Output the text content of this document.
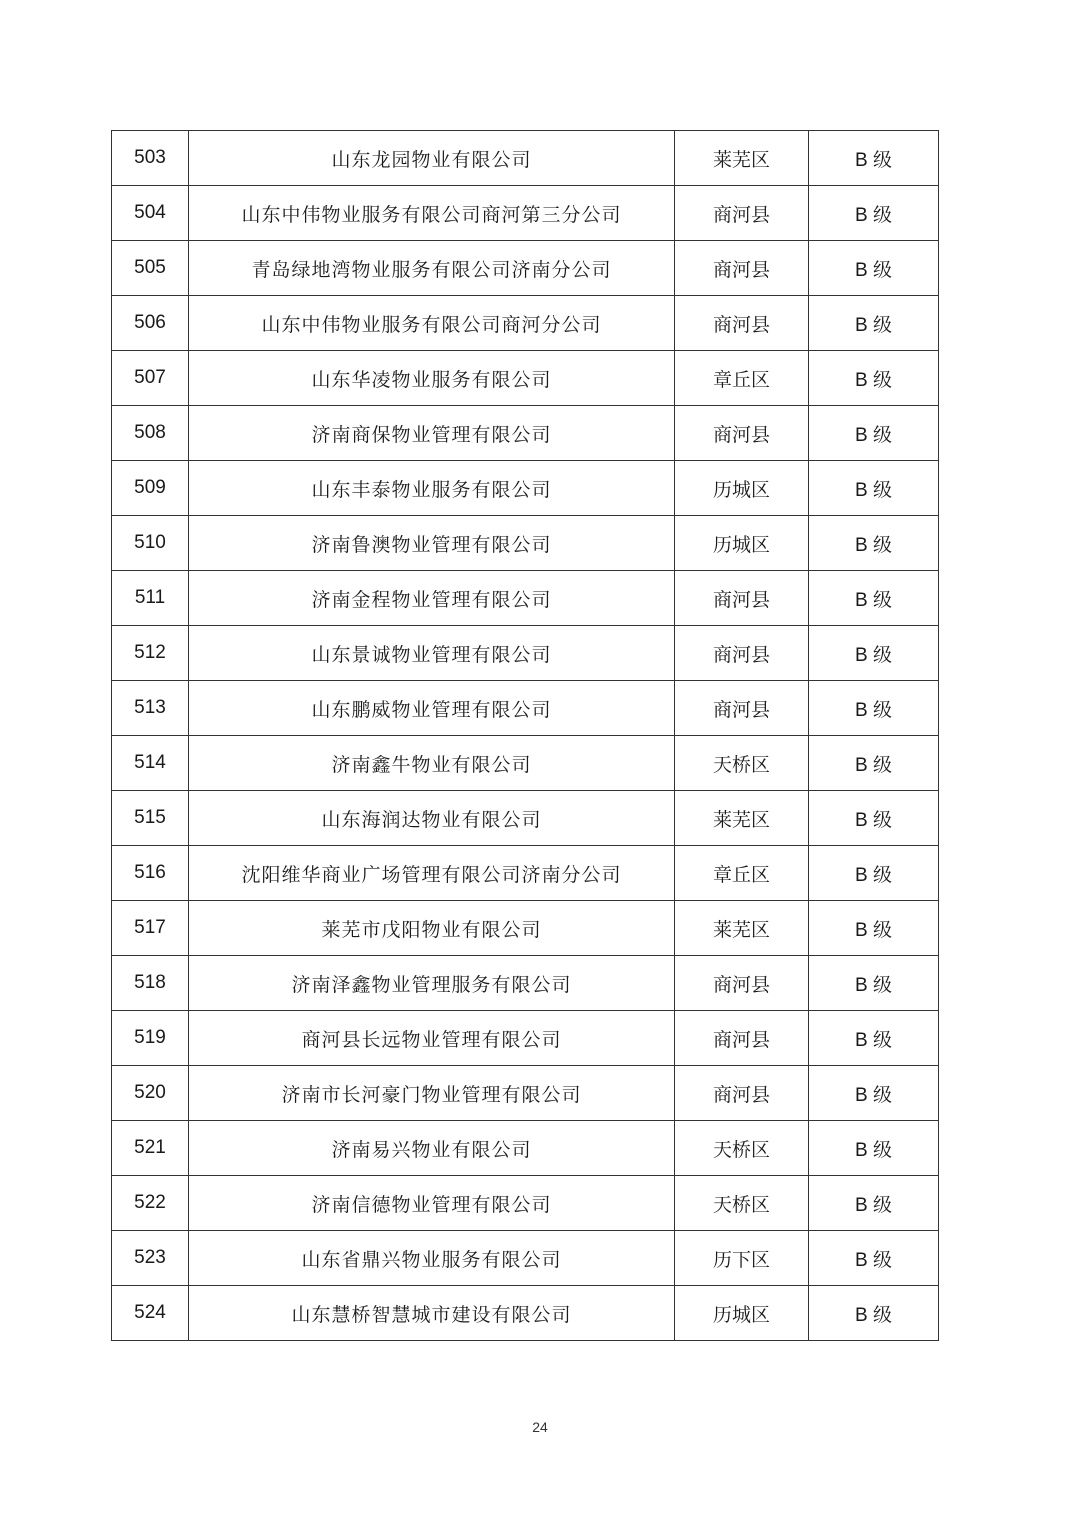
503	山东龙园物业有限公司	莱芜区	B 级
504	山东中伟物业服务有限公司商河第三分公司	商河县	B 级
505	青岛绿地湾物业服务有限公司济南分公司	商河县	B 级
506	山东中伟物业服务有限公司商河分公司	商河县	B 级
507	山东华凌物业服务有限公司	章丘区	B 级
508	济南商保物业管理有限公司	商河县	B 级
509	山东丰泰物业服务有限公司	历城区	B 级
510	济南鲁澳物业管理有限公司	历城区	B 级
511	济南金程物业管理有限公司	商河县	B 级
512	山东景诚物业管理有限公司	商河县	B 级
513	山东鹏威物业管理有限公司	商河县	B 级
514	济南鑫牛物业有限公司	天桥区	B 级
515	山东海润达物业有限公司	莱芜区	B 级
516	沈阳维华商业广场管理有限公司济南分公司	章丘区	B 级
517	莱芜市戊阳物业有限公司	莱芜区	B 级
518	济南泽鑫物业管理服务有限公司	商河县	B 级
519	商河县长远物业管理有限公司	商河县	B 级
520	济南市长河豪门物业管理有限公司	商河县	B 级
521	济南易兴物业有限公司	天桥区	B 级
522	济南信德物业管理有限公司	天桥区	B 级
523	山东省鼎兴物业服务有限公司	历下区	B 级
524	山东慧桥智慧城市建设有限公司	历城区	B 级
24
